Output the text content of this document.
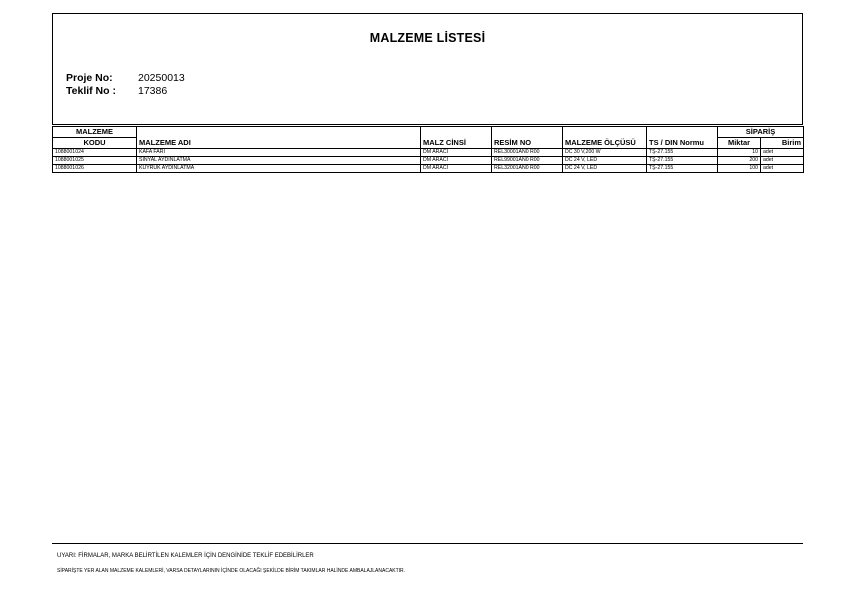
MALZEME LİSTESİ
Proje No: 20250013
Teklif No : 17386
MALZEME	MALZEME ADI	MALZ CİNSİ	RESİM NO	MALZEME ÖLÇÜSÜ	TS / DIN Normu	SİPARİŞ	
KODU						Miktar	Birim
1088001024	KAFA FARI	DM ARACI	REL30001AN0 R00	DC 30 V,200 W	TŞ-27.155	10	adet
1088001025	SİNYAL AYDINLATMA	DM ARACI	REL99001AN0 R00	DC 24 V, LED	TŞ-27.155	200	adet
1088001026	KUYRUK AYDINLATMA	DM ARACI	REL32001AN0 R00	DC 24 V, LED	TŞ-27.155	100	adet
UYARI: FİRMALAR, MARKA BELİRTİLEN KALEMLER İÇİN DENGİNİDE TEKLİF EDEBİLİRLER
SİPARİŞTE YER ALAN MALZEME KALEMLERİ, VARSA DETAYLARININ İÇİNDE OLACAĞI ŞEKİLDE BİRİM TAKIMLAR HALİNDE AMBALAJLANACAKTIR.
